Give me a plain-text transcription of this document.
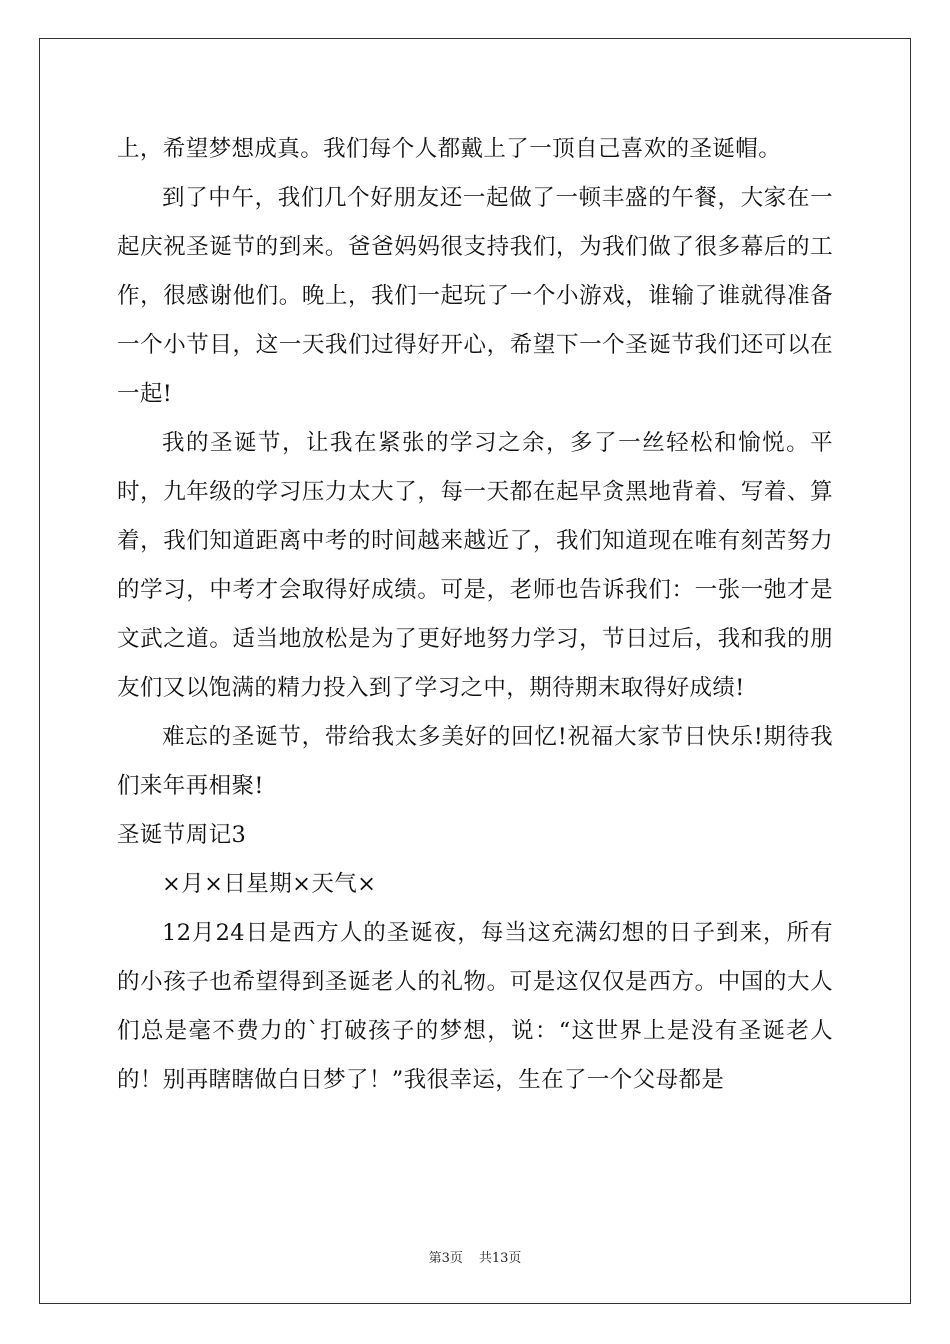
上，希望梦想成真。我们每个人都戴上了一顶自己喜欢的圣诞帽。

到了中午，我们几个好朋友还一起做了一顿丰盛的午餐，大家在一起庆祝圣诞节的到来。爸爸妈妈很支持我们，为我们做了很多幕后的工作，很感谢他们。晚上，我们一起玩了一个小游戏，谁输了谁就得准备一个小节目，这一天我们过得好开心，希望下一个圣诞节我们还可以在一起!

我的圣诞节，让我在紧张的学习之余，多了一丝轻松和愉悦。平时，九年级的学习压力太大了，每一天都在起早贪黑地背着、写着、算着，我们知道距离中考的时间越来越近了，我们知道现在唯有刻苦努力的学习，中考才会取得好成绩。可是，老师也告诉我们：一张一弛才是文武之道。适当地放松是为了更好地努力学习，节日过后，我和我的朋友们又以饱满的精力投入到了学习之中，期待期末取得好成绩!

难忘的圣诞节，带给我太多美好的回忆!祝福大家节日快乐!期待我们来年再相聚!

圣诞节周记3

×月×日星期×天气×

12月24日是西方人的圣诞夜，每当这充满幻想的日子到来，所有的小孩子也希望得到圣诞老人的礼物。可是这仅仅是西方。中国的大人们总是毫不费力的`打破孩子的梦想，说：“这世界上是没有圣诞老人的！别再瞎瞎做白日梦了！”我很幸运，生在了一个父母都是

第3页 共13页
